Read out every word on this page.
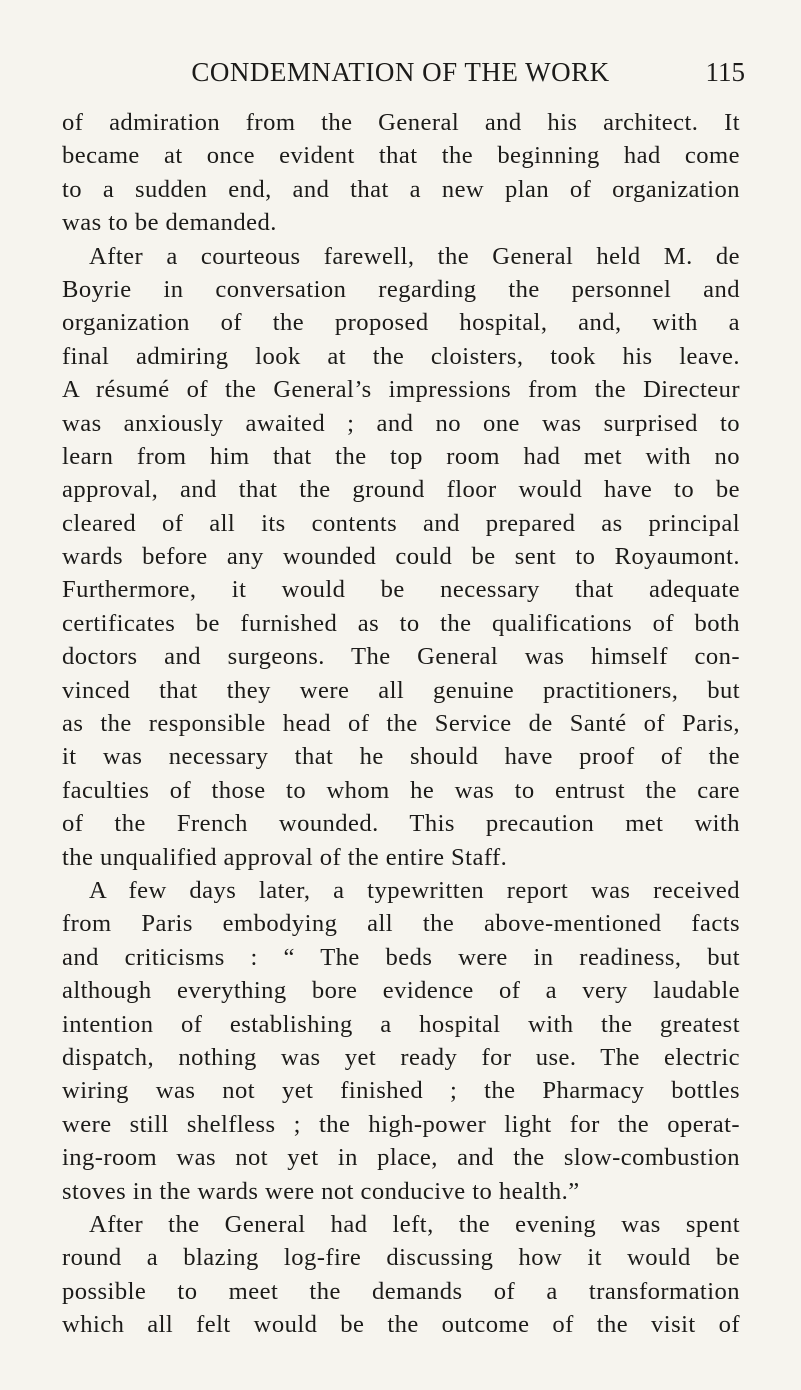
CONDEMNATION OF THE WORK	115
of admiration from the General and his architect. It
became at once evident that the beginning had come
to a sudden end, and that a new plan of organization
was to be demanded.
After a courteous farewell, the General held M. de
Boyrie in conversation regarding the personnel and
organization of the proposed hospital, and, with a
final admiring look at the cloisters, took his leave.
A résumé of the General’s impressions from the Directeur
was anxiously awaited ; and no one was surprised to
learn from him that the top room had met with no
approval, and that the ground floor would have to be
cleared of all its contents and prepared as principal
wards before any wounded could be sent to Royaumont.
Furthermore, it would be necessary that adequate
certificates be furnished as to the qualifications of both
doctors and surgeons. The General was himself con-
vinced that they were all genuine practitioners, but
as the responsible head of the Service de Santé of Paris,
it was necessary that he should have proof of the
faculties of those to whom he was to entrust the care
of the French wounded. This precaution met with
the unqualified approval of the entire Staff.
A few days later, a typewritten report was received
from Paris embodying all the above-mentioned facts
and criticisms : “ The beds were in readiness, but
although everything bore evidence of a very laudable
intention of establishing a hospital with the greatest
dispatch, nothing was yet ready for use. The electric
wiring was not yet finished ; the Pharmacy bottles
were still shelfless ; the high-power light for the operat-
ing-room was not yet in place, and the slow-combustion
stoves in the wards were not conducive to health.”
After the General had left, the evening was spent
round a blazing log-fire discussing how it would be
possible to meet the demands of a transformation
which all felt would be the outcome of the visit of
